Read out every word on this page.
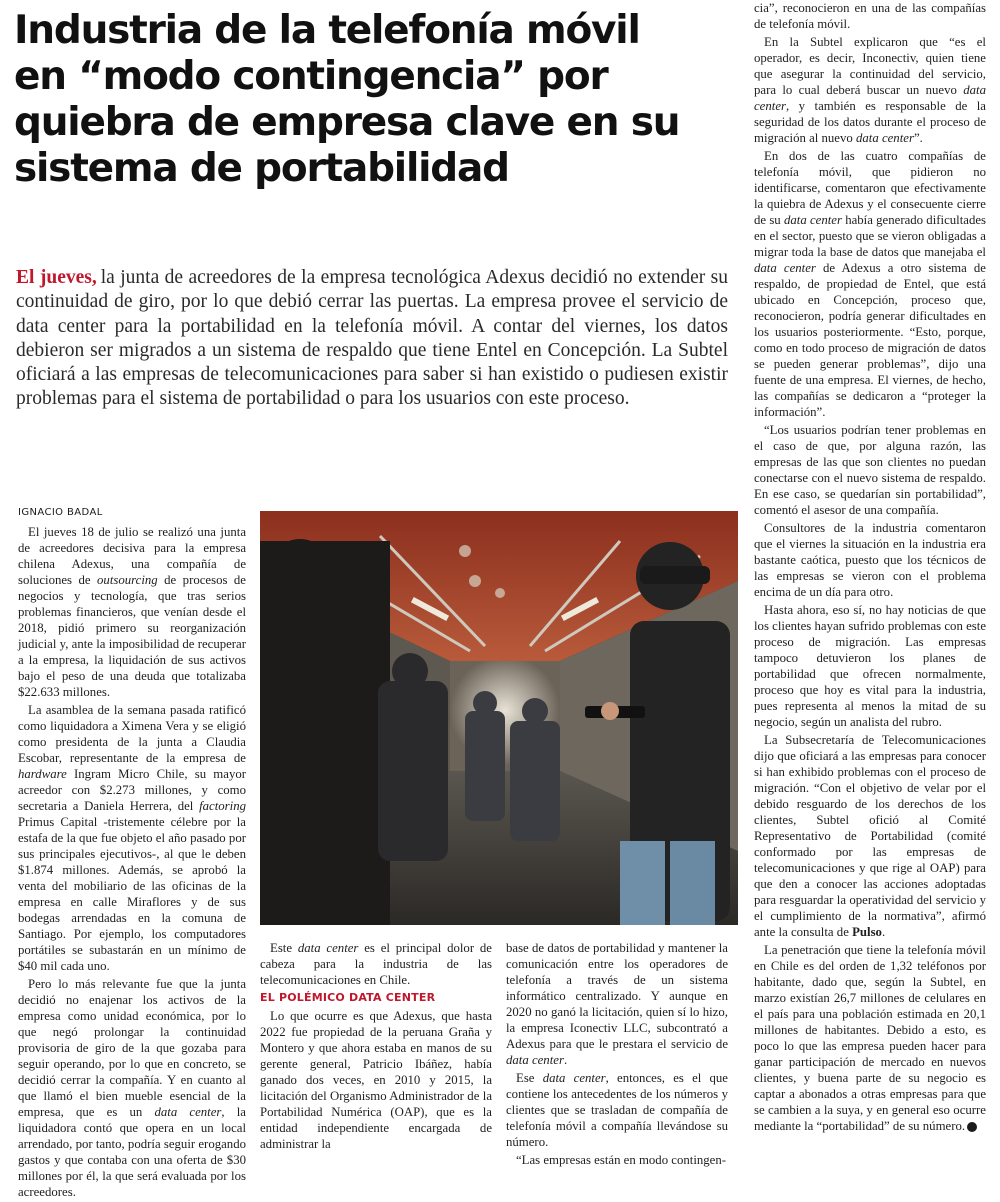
Industria de la telefonía móvil
en “modo contingencia” por
quiebra de empresa clave en su
sistema de portabilidad

El jueves, la junta de acreedores de la empresa tecnológica Adexus decidió no extender su continuidad de giro, por lo que debió cerrar las puertas. La empresa provee el servicio de data center para la portabilidad en la telefonía móvil. A contar del viernes, los datos debieron ser migrados a un sistema de respaldo que tiene Entel en Concepción. La Subtel oficiará a las empresas de telecomunicaciones para saber si han existido o pudiesen existir problemas para el sistema de portabilidad o para los usuarios con este proceso.

IGNACIO BADAL

El jueves 18 de julio se realizó una junta de acreedores decisiva para la empresa chilena Adexus, una compañía de soluciones de outsourcing de procesos de negocios y tecnología, que tras serios problemas financieros, que venían desde el 2018, pidió primero su reorganización judicial y, ante la imposibilidad de recuperar a la empresa, la liquidación de sus activos bajo el peso de una deuda que totalizaba $22.633 millones.

La asamblea de la semana pasada ratificó como liquidadora a Ximena Vera y se eligió como presidenta de la junta a Claudia Escobar, representante de la empresa de hardware Ingram Micro Chile, su mayor acreedor con $2.273 millones, y como secretaria a Daniela Herrera, del factoring Primus Capital -tristemente célebre por la estafa de la que fue objeto el año pasado por sus principales ejecutivos-, al que le deben $1.874 millones. Además, se aprobó la venta del mobiliario de las oficinas de la empresa en calle Miraflores y de sus bodegas arrendadas en la comuna de Santiago. Por ejemplo, los computadores portátiles se subastarán en un mínimo de $40 mil cada uno.

Pero lo más relevante fue que la junta decidió no enajenar los activos de la empresa como unidad económica, por lo que negó prolongar la continuidad provisoria de giro de la que gozaba para seguir operando, por lo que en concreto, se decidió cerrar la compañía. Y en cuanto al que llamó el bien mueble esencial de la empresa, que es un data center, la liquidadora contó que opera en un local arrendado, por tanto, podría seguir erogando gastos y que contaba con una oferta de $30 millones por él, la que será evaluada por los acreedores.

Este data center es el principal dolor de cabeza para la industria de las telecomunicaciones en Chile.

EL POLÉMICO DATA CENTER

Lo que ocurre es que Adexus, que hasta 2022 fue propiedad de la peruana Graña y Montero y que ahora estaba en manos de su gerente general, Patricio Ibáñez, había ganado dos veces, en 2010 y 2015, la licitación del Organismo Administrador de la Portabilidad Numérica (OAP), que es la entidad independiente encargada de administrar la

base de datos de portabilidad y mantener la comunicación entre los operadores de telefonía a través de un sistema informático centralizado. Y aunque en 2020 no ganó la licitación, quien sí lo hizo, la empresa Iconectiv LLC, subcontrató a Adexus para que le prestara el servicio de data center.

Ese data center, entonces, es el que contiene los antecedentes de los números y clientes que se trasladan de compañía de telefonía móvil a compañía llevándose su número.

“Las empresas están en modo contingen-

cia”, reconocieron en una de las compañías de telefonía móvil.

En la Subtel explicaron que “es el operador, es decir, Inconectiv, quien tiene que asegurar la continuidad del servicio, para lo cual deberá buscar un nuevo data center, y también es responsable de la seguridad de los datos durante el proceso de migración al nuevo data center”.

En dos de las cuatro compañías de telefonía móvil, que pidieron no identificarse, comentaron que efectivamente la quiebra de Adexus y el consecuente cierre de su data center había generado dificultades en el sector, puesto que se vieron obligadas a migrar toda la base de datos que manejaba el data center de Adexus a otro sistema de respaldo, de propiedad de Entel, que está ubicado en Concepción, proceso que, reconocieron, podría generar dificultades en los usuarios posteriormente. “Esto, porque, como en todo proceso de migración de datos se pueden generar problemas”, dijo una fuente de una empresa. El viernes, de hecho, las compañías se dedicaron a “proteger la información”.

“Los usuarios podrían tener problemas en el caso de que, por alguna razón, las empresas de las que son clientes no puedan conectarse con el nuevo sistema de respaldo. En ese caso, se quedarían sin portabilidad”, comentó el asesor de una compañía.

Consultores de la industria comentaron que el viernes la situación en la industria era bastante caótica, puesto que los técnicos de las empresas se vieron con el problema encima de un día para otro.

Hasta ahora, eso sí, no hay noticias de que los clientes hayan sufrido problemas con este proceso de migración. Las empresas tampoco detuvieron los planes de portabilidad que ofrecen normalmente, proceso que hoy es vital para la industria, pues representa al menos la mitad de su negocio, según un analista del rubro.

La Subsecretaría de Telecomunicaciones dijo que oficiará a las empresas para conocer si han exhibido problemas con el proceso de migración. “Con el objetivo de velar por el debido resguardo de los derechos de los clientes, Subtel ofició al Comité Representativo de Portabilidad (comité conformado por las empresas de telecomunicaciones y que rige al OAP) para que den a conocer las acciones adoptadas para resguardar la operatividad del servicio y el cumplimiento de la normativa”, afirmó ante la consulta de Pulso.

La penetración que tiene la telefonía móvil en Chile es del orden de 1,32 teléfonos por habitante, dado que, según la Subtel, en marzo existían 26,7 millones de celulares en el país para una población estimada en 20,1 millones de habitantes. Debido a esto, es poco lo que las empresa pueden hacer para ganar participación de mercado en nuevos clientes, y buena parte de su negocio es captar a abonados a otras empresas para que se cambien a la suya, y en general eso ocurre mediante la “portabilidad” de su número. P
